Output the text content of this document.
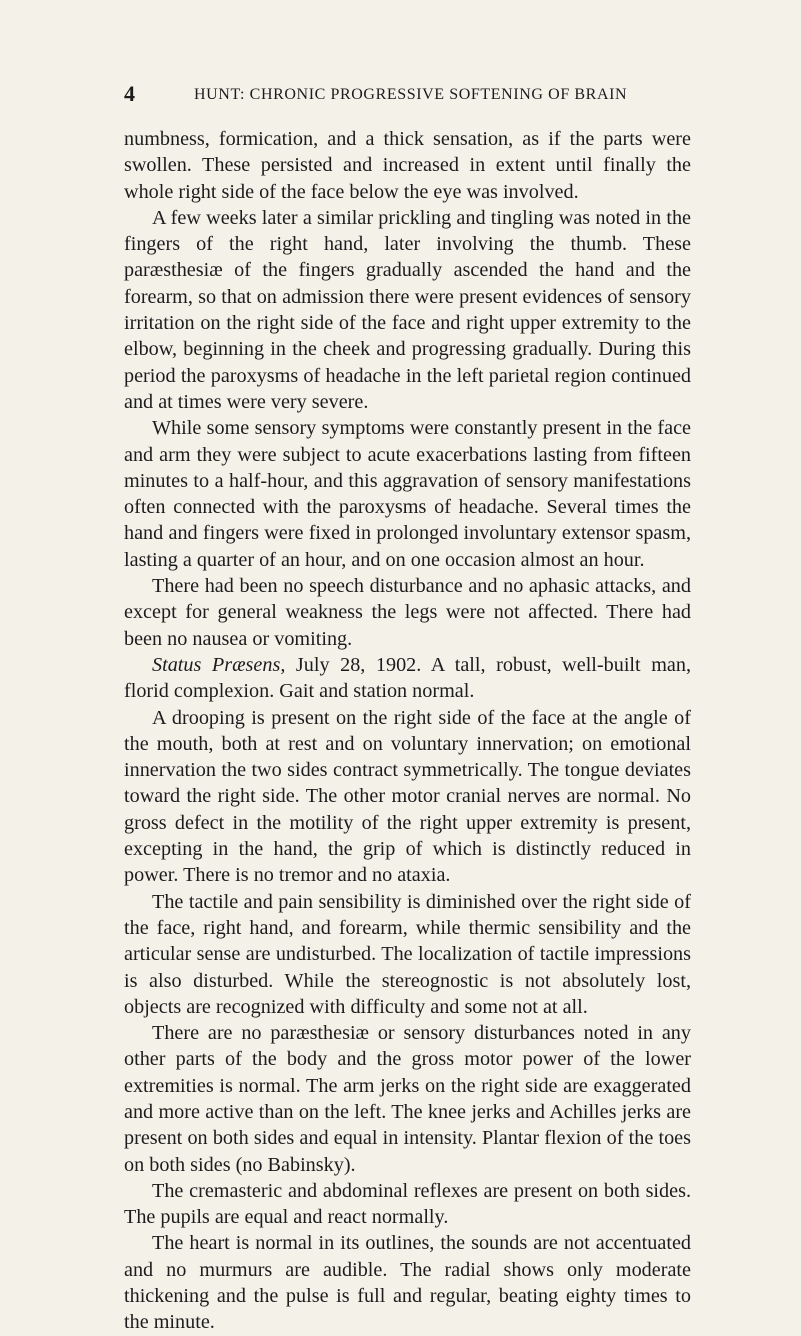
4	HUNT: CHRONIC PROGRESSIVE SOFTENING OF BRAIN

numbness, formication, and a thick sensation, as if the parts were swollen. These persisted and increased in extent until finally the whole right side of the face below the eye was involved.

A few weeks later a similar prickling and tingling was noted in the fingers of the right hand, later involving the thumb. These paræsthesiæ of the fingers gradually ascended the hand and the forearm, so that on admission there were present evidences of sensory irritation on the right side of the face and right upper extremity to the elbow, beginning in the cheek and progressing gradually. During this period the paroxysms of headache in the left parietal region continued and at times were very severe.

While some sensory symptoms were constantly present in the face and arm they were subject to acute exacerbations lasting from fifteen minutes to a half-hour, and this aggravation of sensory manifestations often connected with the paroxysms of headache. Several times the hand and fingers were fixed in prolonged involuntary extensor spasm, lasting a quarter of an hour, and on one occasion almost an hour.

There had been no speech disturbance and no aphasic attacks, and except for general weakness the legs were not affected. There had been no nausea or vomiting.

Status Præsens, July 28, 1902. A tall, robust, well-built man, florid complexion. Gait and station normal.

A drooping is present on the right side of the face at the angle of the mouth, both at rest and on voluntary innervation; on emotional innervation the two sides contract symmetrically. The tongue deviates toward the right side. The other motor cranial nerves are normal. No gross defect in the motility of the right upper extremity is present, excepting in the hand, the grip of which is distinctly reduced in power. There is no tremor and no ataxia.

The tactile and pain sensibility is diminished over the right side of the face, right hand, and forearm, while thermic sensibility and the articular sense are undisturbed. The localization of tactile impressions is also disturbed. While the stereognostic is not absolutely lost, objects are recognized with difficulty and some not at all.

There are no paræsthesiæ or sensory disturbances noted in any other parts of the body and the gross motor power of the lower extremities is normal. The arm jerks on the right side are exaggerated and more active than on the left. The knee jerks and Achilles jerks are present on both sides and equal in intensity. Plantar flexion of the toes on both sides (no Babinsky).

The cremasteric and abdominal reflexes are present on both sides. The pupils are equal and react normally.

The heart is normal in its outlines, the sounds are not accentuated and no murmurs are audible. The radial shows only moderate thickening and the pulse is full and regular, beating eighty times to the minute.
